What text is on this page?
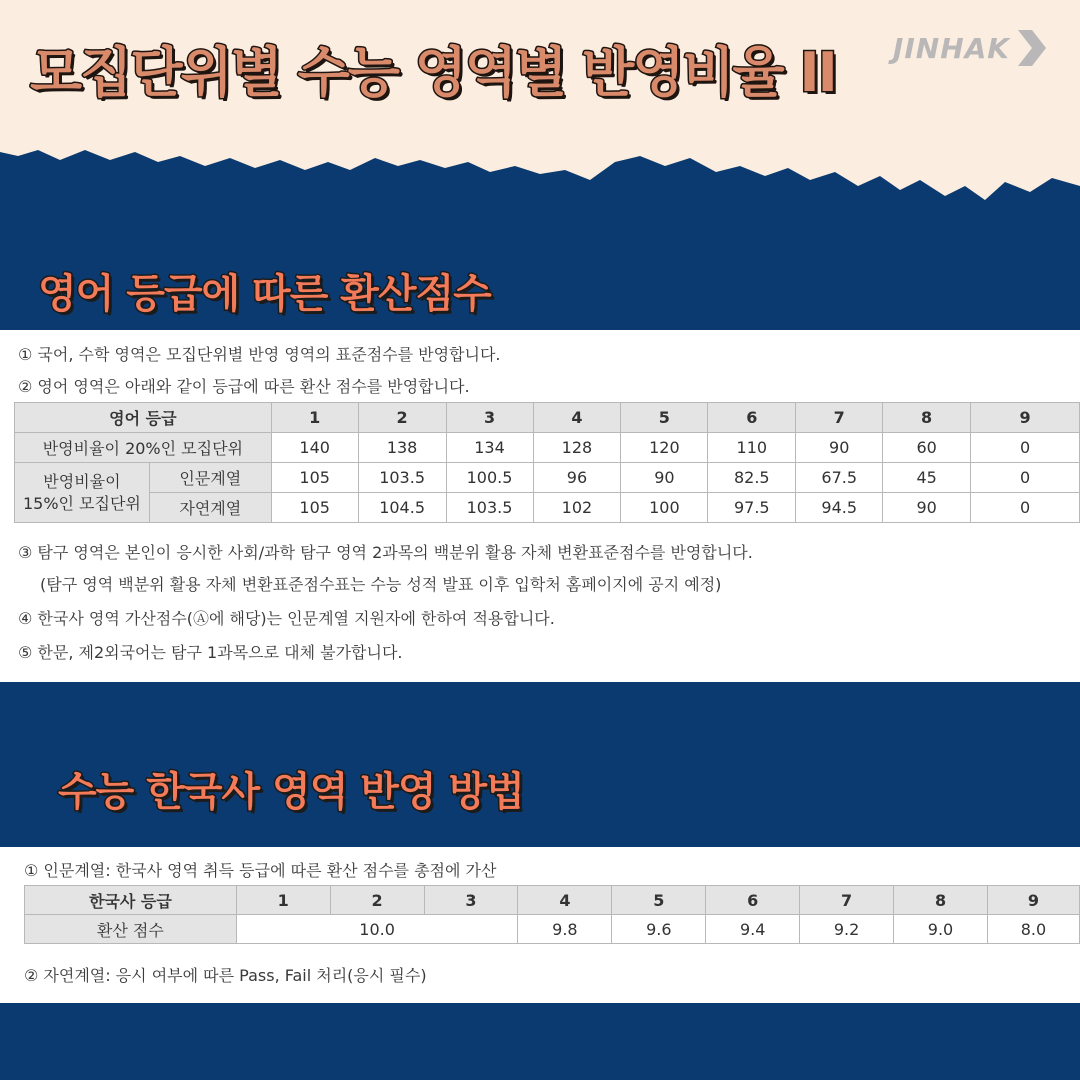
모집단위별 수능 영역별 반영비율 II JINHAK
영어 등급에 따른 환산점수
① 국어, 수학 영역은 모집단위별 반영 영역의 표준점수를 반영합니다.
② 영어 영역은 아래와 같이 등급에 따른 환산 점수를 반영합니다.
영어 등급		1	2	3	4	5	6	7	8	9
반영비율이 20%인 모집단위		140	138	134	128	120	110	90	60	0

반영비율이
15%인 모집단위	인문계열	105	103.5	100.5	96	90	82.5	67.5	45	0
	자연계열	105	104.5	103.5	102	100	97.5	94.5	90	0
③ 탐구 영역은 본인이 응시한 사회/과학 탐구 영역 2과목의 백분위 활용 자체 변환표준점수를 반영합니다.
(탐구 영역 백분위 활용 자체 변환표준점수표는 수능 성적 발표 이후 입학처 홈페이지에 공지 예정)
④ 한국사 영역 가산점수(Ⓐ에 해당)는 인문계열 지원자에 한하여 적용합니다.
⑤ 한문, 제2외국어는 탐구 1과목으로 대체 불가합니다.
수능 한국사 영역 반영 방법
① 인문계열: 한국사 영역 취득 등급에 따른 환산 점수를 총점에 가산
한국사 등급	1	2	3	4	5	6	7	8	9
환산 점수	10.0			9.8	9.6	9.4	9.2	9.0	8.0
② 자연계열: 응시 여부에 따른 Pass, Fail 처리(응시 필수)
